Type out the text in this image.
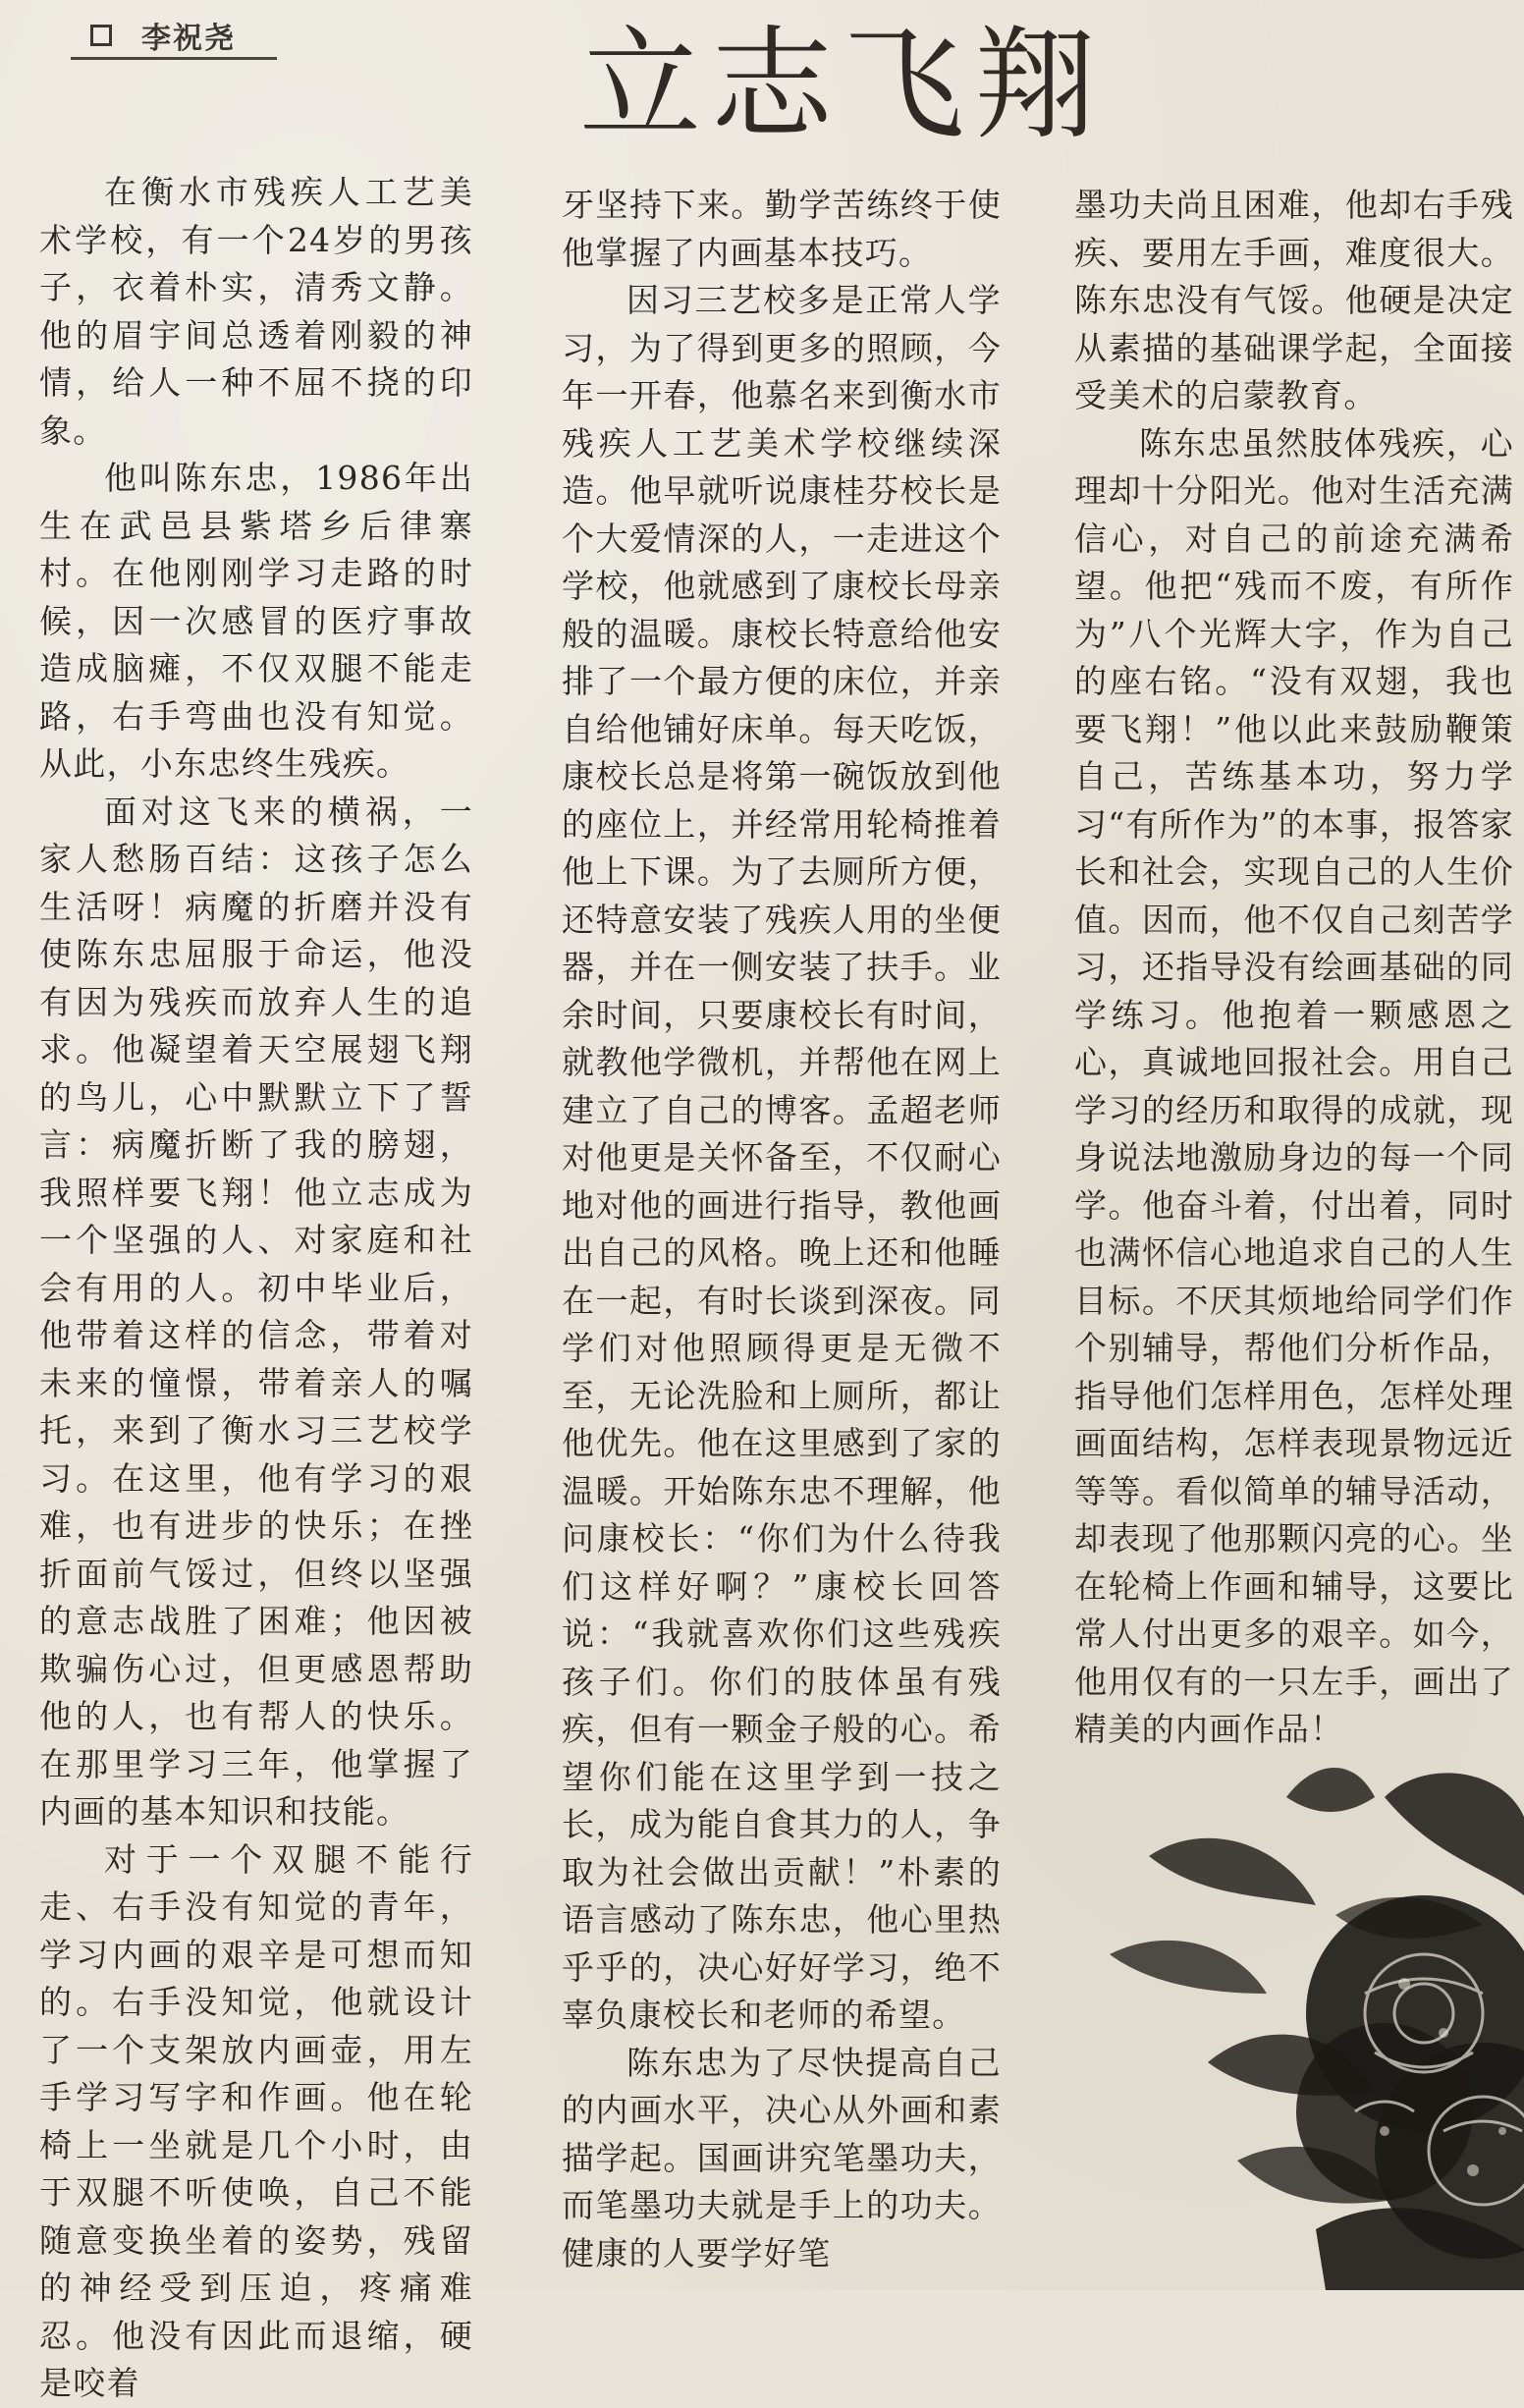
李祝尧	立志飞翔

在衡水市残疾人工艺美术学校，有一个24岁的男孩子，衣着朴实，清秀文静。他的眉宇间总透着刚毅的神情，给人一种不屈不挠的印象。

他叫陈东忠，1986年出生在武邑县紫塔乡后律寨村。在他刚刚学习走路的时候，因一次感冒的医疗事故造成脑瘫，不仅双腿不能走路，右手弯曲也没有知觉。从此，小东忠终生残疾。

面对这飞来的横祸，一家人愁肠百结：这孩子怎么生活呀！病魔的折磨并没有使陈东忠屈服于命运，他没有因为残疾而放弃人生的追求。他凝望着天空展翅飞翔的鸟儿，心中默默立下了誓言：病魔折断了我的膀翅，我照样要飞翔！他立志成为一个坚强的人、对家庭和社会有用的人。初中毕业后，他带着这样的信念，带着对未来的憧憬，带着亲人的嘱托，来到了衡水习三艺校学习。在这里，他有学习的艰难，也有进步的快乐；在挫折面前气馁过，但终以坚强的意志战胜了困难；他因被欺骗伤心过，但更感恩帮助他的人，也有帮人的快乐。在那里学习三年，他掌握了内画的基本知识和技能。

对于一个双腿不能行走、右手没有知觉的青年，学习内画的艰辛是可想而知的。右手没知觉，他就设计了一个支架放内画壶，用左手学习写字和作画。他在轮椅上一坐就是几个小时，由于双腿不听使唤，自己不能随意变换坐着的姿势，残留的神经受到压迫，疼痛难忍。他没有因此而退缩，硬是咬着

牙坚持下来。勤学苦练终于使他掌握了内画基本技巧。

因习三艺校多是正常人学习，为了得到更多的照顾，今年一开春，他慕名来到衡水市残疾人工艺美术学校继续深造。他早就听说康桂芬校长是个大爱情深的人，一走进这个学校，他就感到了康校长母亲般的温暖。康校长特意给他安排了一个最方便的床位，并亲自给他铺好床单。每天吃饭，康校长总是将第一碗饭放到他的座位上，并经常用轮椅推着他上下课。为了去厕所方便，还特意安装了残疾人用的坐便器，并在一侧安装了扶手。业余时间，只要康校长有时间，就教他学微机，并帮他在网上建立了自己的博客。孟超老师对他更是关怀备至，不仅耐心地对他的画进行指导，教他画出自己的风格。晚上还和他睡在一起，有时长谈到深夜。同学们对他照顾得更是无微不至，无论洗脸和上厕所，都让他优先。他在这里感到了家的温暖。开始陈东忠不理解，他问康校长：“你们为什么待我们这样好啊？”康校长回答说：“我就喜欢你们这些残疾孩子们。你们的肢体虽有残疾，但有一颗金子般的心。希望你们能在这里学到一技之长，成为能自食其力的人，争取为社会做出贡献！”朴素的语言感动了陈东忠，他心里热乎乎的，决心好好学习，绝不辜负康校长和老师的希望。

陈东忠为了尽快提高自己的内画水平，决心从外画和素描学起。国画讲究笔墨功夫，而笔墨功夫就是手上的功夫。健康的人要学好笔

墨功夫尚且困难，他却右手残疾、要用左手画，难度很大。陈东忠没有气馁。他硬是决定从素描的基础课学起，全面接受美术的启蒙教育。

陈东忠虽然肢体残疾，心理却十分阳光。他对生活充满信心，对自己的前途充满希望。他把“残而不废，有所作为”八个光辉大字，作为自己的座右铭。“没有双翅，我也要飞翔！”他以此来鼓励鞭策自己，苦练基本功，努力学习“有所作为”的本事，报答家长和社会，实现自己的人生价值。因而，他不仅自己刻苦学习，还指导没有绘画基础的同学练习。他抱着一颗感恩之心，真诚地回报社会。用自己学习的经历和取得的成就，现身说法地激励身边的每一个同学。他奋斗着，付出着，同时也满怀信心地追求自己的人生目标。不厌其烦地给同学们作个别辅导，帮他们分析作品，指导他们怎样用色，怎样处理画面结构，怎样表现景物远近等等。看似简单的辅导活动，却表现了他那颗闪亮的心。坐在轮椅上作画和辅导，这要比常人付出更多的艰辛。如今，他用仅有的一只左手，画出了精美的内画作品！
